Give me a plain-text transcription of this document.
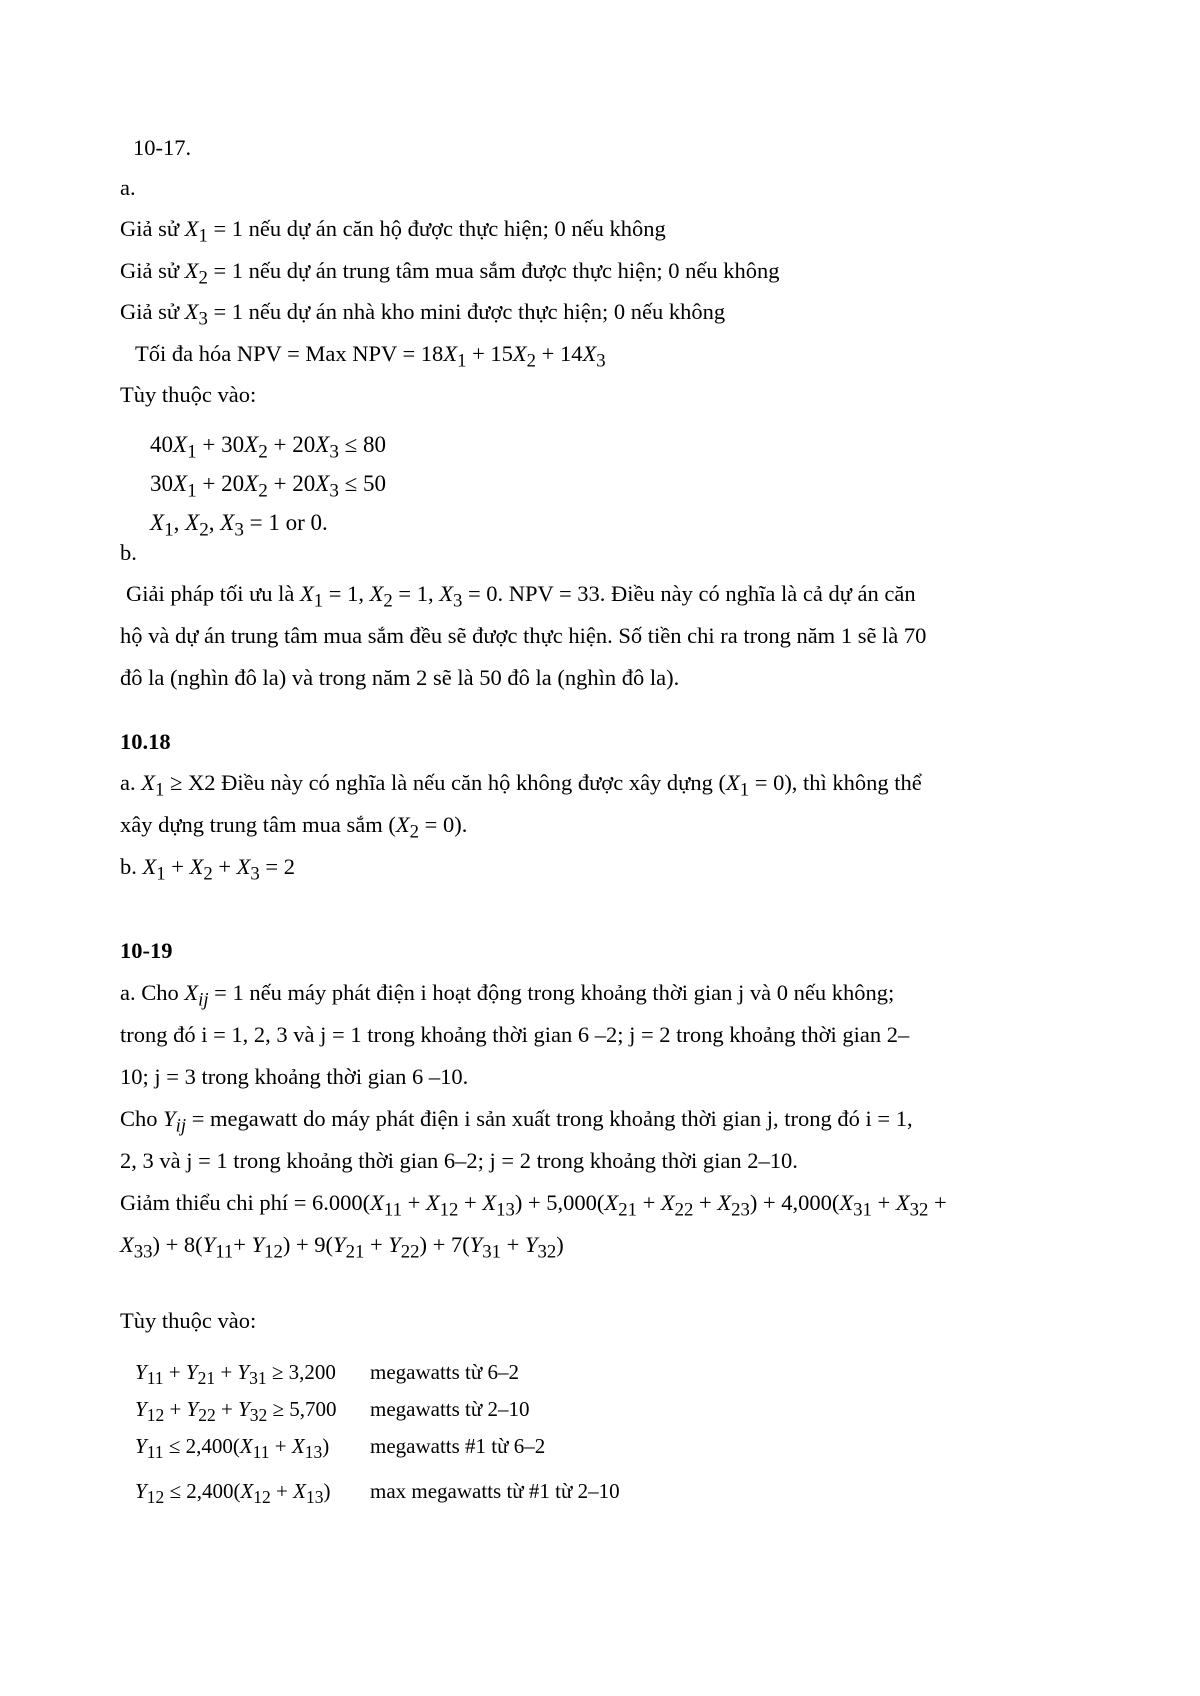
10-17.
a.
Giả sử $X_1 = 1$ nếu dự án căn hộ được thực hiện; 0 nếu không
Giả sử $X_2 = 1$ nếu dự án trung tâm mua sắm được thực hiện; 0 nếu không
Giả sử $X_3 = 1$ nếu dự án nhà kho mini được thực hiện; 0 nếu không
Tối đa hóa NPV = Max NPV = $18X_1 + 15X_2 + 14X_3$
Tùy thuộc vào:
$40X_1 + 30X_2 + 20X_3 \le 80$
$30X_1 + 20X_2 + 20X_3 \le 50$
$X_1$, $X_2$, $X_3 = 1$ or 0.
b.
Giải pháp tối ưu là $X_1 = 1$, $X_2 = 1$, $X_3 = 0$. NPV = 33. Điều này có nghĩa là cả dự án căn
hộ và dự án trung tâm mua sắm đều sẽ được thực hiện. Số tiền chi ra trong năm 1 sẽ là 70
đô la (nghìn đô la) và trong năm 2 sẽ là 50 đô la (nghìn đô la).
10.18
a. $X_1 \ge X2$ Điều này có nghĩa là nếu căn hộ không được xây dựng $(X_1 = 0)$, thì không thể
xây dựng trung tâm mua sắm $(X_2 = 0)$.
b. $X_1 + X_2 + X_3 = 2$
10-19
a. Cho $X_{ij} = 1$ nếu máy phát điện i hoạt động trong khoảng thời gian j và 0 nếu không;
trong đó i = 1, 2, 3 và j = 1 trong khoảng thời gian 6 –2; j = 2 trong khoảng thời gian 2–
10; j = 3 trong khoảng thời gian 6 –10.
Cho $Y_{ij}$ = megawatt do máy phát điện i sản xuất trong khoảng thời gian j, trong đó i = 1,
2, 3 và j = 1 trong khoảng thời gian 6–2; j = 2 trong khoảng thời gian 2–10.
Giảm thiểu chi phí = $6.000(X_{11} + X_{12} + X_{13}) + 5,000(X_{21} + X_{22} + X_{23}) + 4,000(X_{31} + X_{32}$ +
$X_{33}) + 8(Y_{11}+ Y_{12}) + 9(Y_{21} + Y_{22}) + 7(Y_{31} + Y_{32})$
Tùy thuộc vào:
$Y_{11} + Y_{21} + Y_{31} \ge 3,200$ megawatts từ 6–2
$Y_{12} + Y_{22} + Y_{32} \ge 5,700$ megawatts từ 2–10
$Y_{11} \le 2,400(X_{11} + X_{13})$ megawatts #1 từ 6–2
$Y_{12} \le 2,400(X_{12} + X_{13})$ max megawatts từ #1 từ 2–10
